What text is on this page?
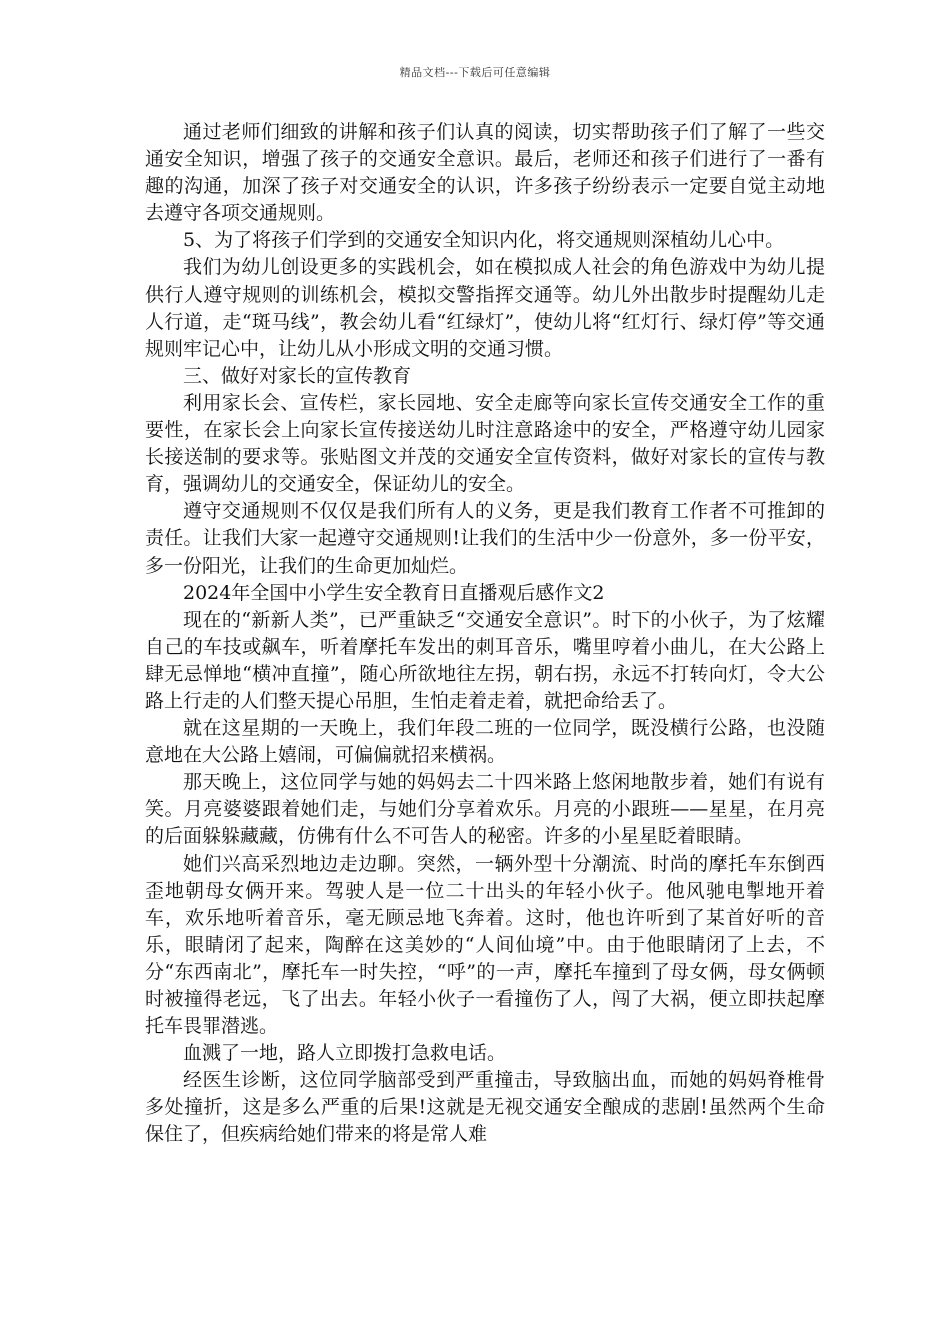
精品文档---下载后可任意编辑

通过老师们细致的讲解和孩子们认真的阅读，切实帮助孩子们了解了一些交通安全知识，增强了孩子的交通安全意识。最后，老师还和孩子们进行了一番有趣的沟通，加深了孩子对交通安全的认识，许多孩子纷纷表示一定要自觉主动地去遵守各项交通规则。

5、为了将孩子们学到的交通安全知识内化，将交通规则深植幼儿心中。

我们为幼儿创设更多的实践机会，如在模拟成人社会的角色游戏中为幼儿提供行人遵守规则的训练机会，模拟交警指挥交通等。幼儿外出散步时提醒幼儿走人行道，走“斑马线”，教会幼儿看“红绿灯”，使幼儿将“红灯行、绿灯停”等交通规则牢记心中，让幼儿从小形成文明的交通习惯。

三、做好对家长的宣传教育

利用家长会、宣传栏，家长园地、安全走廊等向家长宣传交通安全工作的重要性，在家长会上向家长宣传接送幼儿时注意路途中的安全，严格遵守幼儿园家长接送制的要求等。张贴图文并茂的交通安全宣传资料，做好对家长的宣传与教育，强调幼儿的交通安全，保证幼儿的安全。

遵守交通规则不仅仅是我们所有人的义务，更是我们教育工作者不可推卸的责任。让我们大家一起遵守交通规则!让我们的生活中少一份意外，多一份平安，多一份阳光，让我们的生命更加灿烂。

2024年全国中小学生安全教育日直播观后感作文2

现在的“新新人类”，已严重缺乏“交通安全意识”。时下的小伙子，为了炫耀自己的车技或飙车，听着摩托车发出的刺耳音乐，嘴里哼着小曲儿，在大公路上肆无忌惮地“横冲直撞”，随心所欲地往左拐，朝右拐，永远不打转向灯，令大公路上行走的人们整天提心吊胆，生怕走着走着，就把命给丢了。

就在这星期的一天晚上，我们年段二班的一位同学，既没横行公路，也没随意地在大公路上嬉闹，可偏偏就招来横祸。

那天晚上，这位同学与她的妈妈去二十四米路上悠闲地散步着，她们有说有笑。月亮婆婆跟着她们走，与她们分享着欢乐。月亮的小跟班——星星，在月亮的后面躲躲藏藏，仿佛有什么不可告人的秘密。许多的小星星眨着眼睛。

她们兴高采烈地边走边聊。突然，一辆外型十分潮流、时尚的摩托车东倒西歪地朝母女俩开来。驾驶人是一位二十出头的年轻小伙子。他风驰电掣地开着车，欢乐地听着音乐，毫无顾忌地飞奔着。这时，他也许听到了某首好听的音乐，眼睛闭了起来，陶醉在这美妙的“人间仙境”中。由于他眼睛闭了上去，不分“东西南北”，摩托车一时失控，“呼”的一声，摩托车撞到了母女俩，母女俩顿时被撞得老远，飞了出去。年轻小伙子一看撞伤了人，闯了大祸，便立即扶起摩托车畏罪潜逃。

血溅了一地，路人立即拨打急救电话。

经医生诊断，这位同学脑部受到严重撞击，导致脑出血，而她的妈妈脊椎骨多处撞折，这是多么严重的后果!这就是无视交通安全酿成的悲剧!虽然两个生命保住了，但疾病给她们带来的将是常人难
